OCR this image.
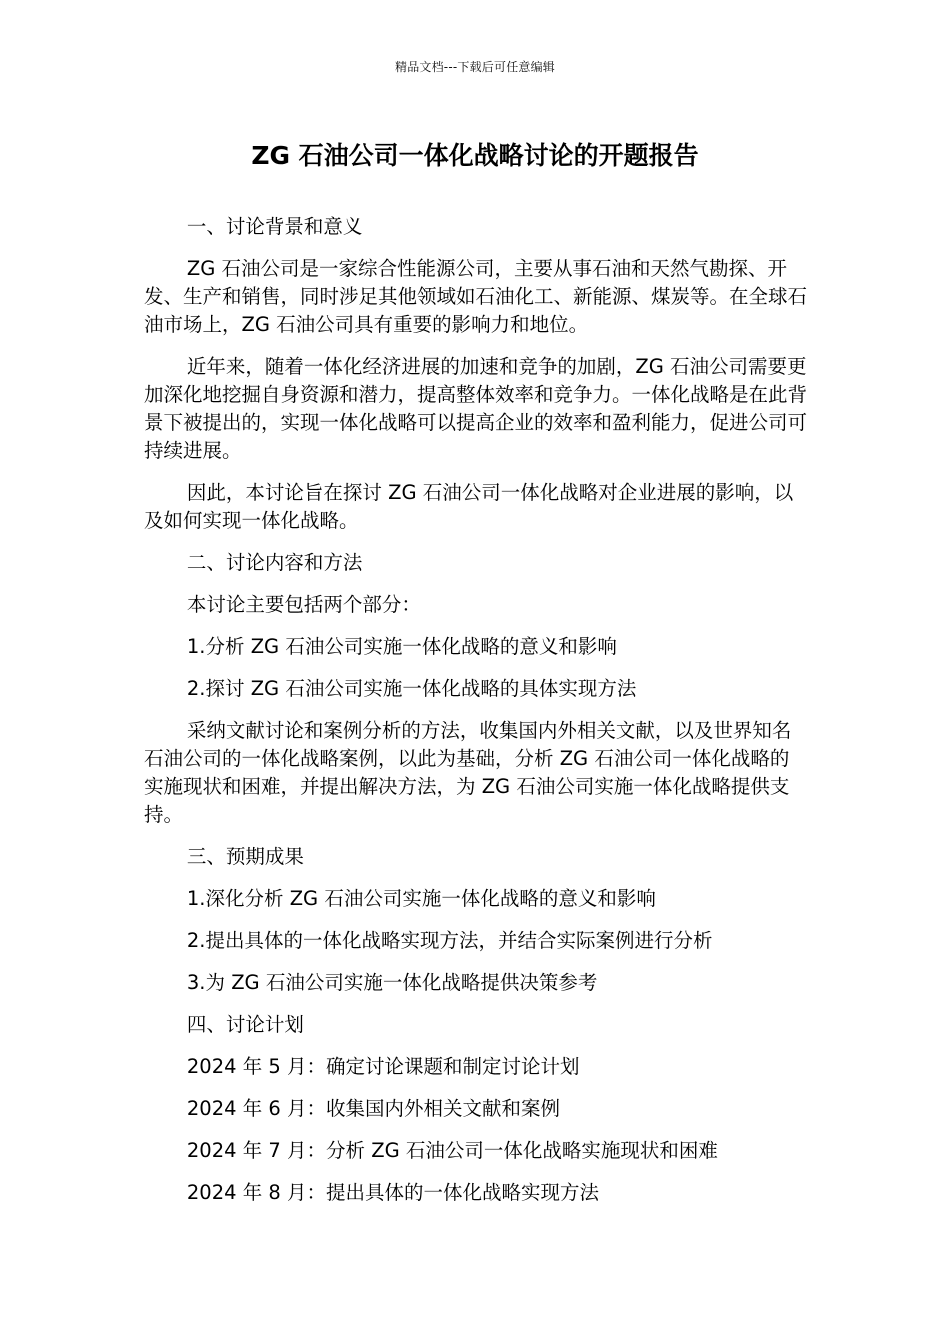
精品文档---下载后可任意编辑
ZG 石油公司一体化战略讨论的开题报告

一、讨论背景和意义

ZG 石油公司是一家综合性能源公司，主要从事石油和天然气勘探、开发、生产和销售，同时涉足其他领域如石油化工、新能源、煤炭等。在全球石油市场上，ZG 石油公司具有重要的影响力和地位。

近年来，随着一体化经济进展的加速和竞争的加剧，ZG 石油公司需要更加深化地挖掘自身资源和潜力，提高整体效率和竞争力。一体化战略是在此背景下被提出的，实现一体化战略可以提高企业的效率和盈利能力，促进公司可持续进展。

因此，本讨论旨在探讨 ZG 石油公司一体化战略对企业进展的影响，以及如何实现一体化战略。

二、讨论内容和方法

本讨论主要包括两个部分：

1.分析 ZG 石油公司实施一体化战略的意义和影响

2.探讨 ZG 石油公司实施一体化战略的具体实现方法

采纳文献讨论和案例分析的方法，收集国内外相关文献，以及世界知名石油公司的一体化战略案例，以此为基础，分析 ZG 石油公司一体化战略的实施现状和困难，并提出解决方法，为 ZG 石油公司实施一体化战略提供支持。

三、预期成果

1.深化分析 ZG 石油公司实施一体化战略的意义和影响

2.提出具体的一体化战略实现方法，并结合实际案例进行分析

3.为 ZG 石油公司实施一体化战略提供决策参考

四、讨论计划

2024 年 5 月：确定讨论课题和制定讨论计划

2024 年 6 月：收集国内外相关文献和案例

2024 年 7 月：分析 ZG 石油公司一体化战略实施现状和困难

2024 年 8 月：提出具体的一体化战略实现方法
